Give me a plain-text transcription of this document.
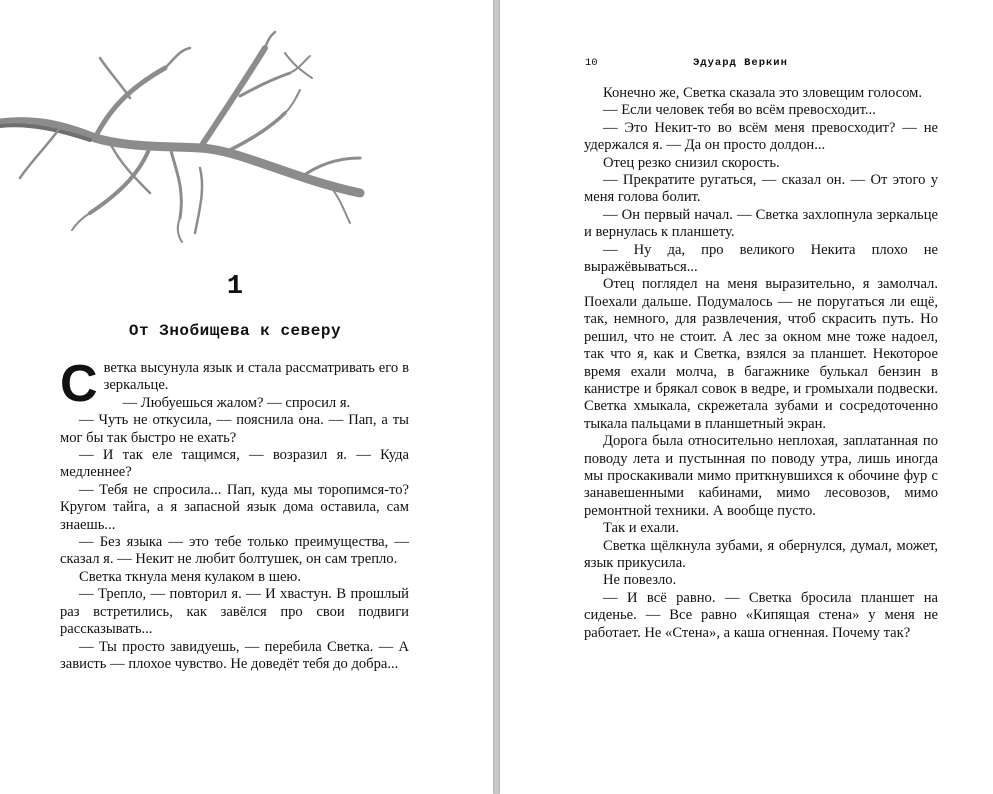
1
От Знобищева к северу

Светка высунула язык и стала рассматривать его в зеркальце.

— Любуешься жалом? — спросил я.

— Чуть не откусила, — пояснила она. — Пап, а ты мог бы так быстро не ехать?

— И так еле тащимся, — возразил я. — Куда медленнее?

— Тебя не спросила... Пап, куда мы торопимся-то? Кругом тайга, а я запасной язык дома оставила, сам знаешь...

— Без языка — это тебе только преимущества, — сказал я. — Некит не любит болтушек, он сам трепло.

Светка ткнула меня кулаком в шею.

— Трепло, — повторил я. — И хвастун. В прошлый раз встретились, как завёлся про свои подвиги рассказывать...

— Ты просто завидуешь, — перебила Светка. — А зависть — плохое чувство. Не доведёт тебя до добра...

10	Эдуард Веркин

Конечно же, Светка сказала это зловещим голосом.

— Если человек тебя во всём превосходит...

— Это Некит-то во всём меня превосходит? — не удержался я. — Да он просто долдон...

Отец резко снизил скорость.

— Прекратите ругаться, — сказал он. — От этого у меня голова болит.

— Он первый начал. — Светка захлопнула зеркальце и вернулась к планшету.

— Ну да, про великого Некита плохо не выражёвываться...

Отец поглядел на меня выразительно, я замолчал. Поехали дальше. Подумалось — не поругаться ли ещё, так, немного, для развлечения, чтоб скрасить путь. Но решил, что не стоит. А лес за окном мне тоже надоел, так что я, как и Светка, взялся за планшет. Некоторое время ехали молча, в багажнике булькал бензин в канистре и брякал совок в ведре, и громыхали подвески. Светка хмыкала, скрежетала зубами и сосредоточенно тыкала пальцами в планшетный экран.

Дорога была относительно неплохая, заплатанная по поводу лета и пустынная по поводу утра, лишь иногда мы проскакивали мимо приткнувшихся к обочине фур с занавешенными кабинами, мимо лесовозов, мимо ремонтной техники. А вообще пусто.

Так и ехали.

Светка щёлкнула зубами, я обернулся, думал, может, язык прикусила.

Не повезло.

— И всё равно. — Светка бросила планшет на сиденье. — Все равно «Кипящая стена» у меня не работает. Не «Стена», а каша огненная. Почему так?
